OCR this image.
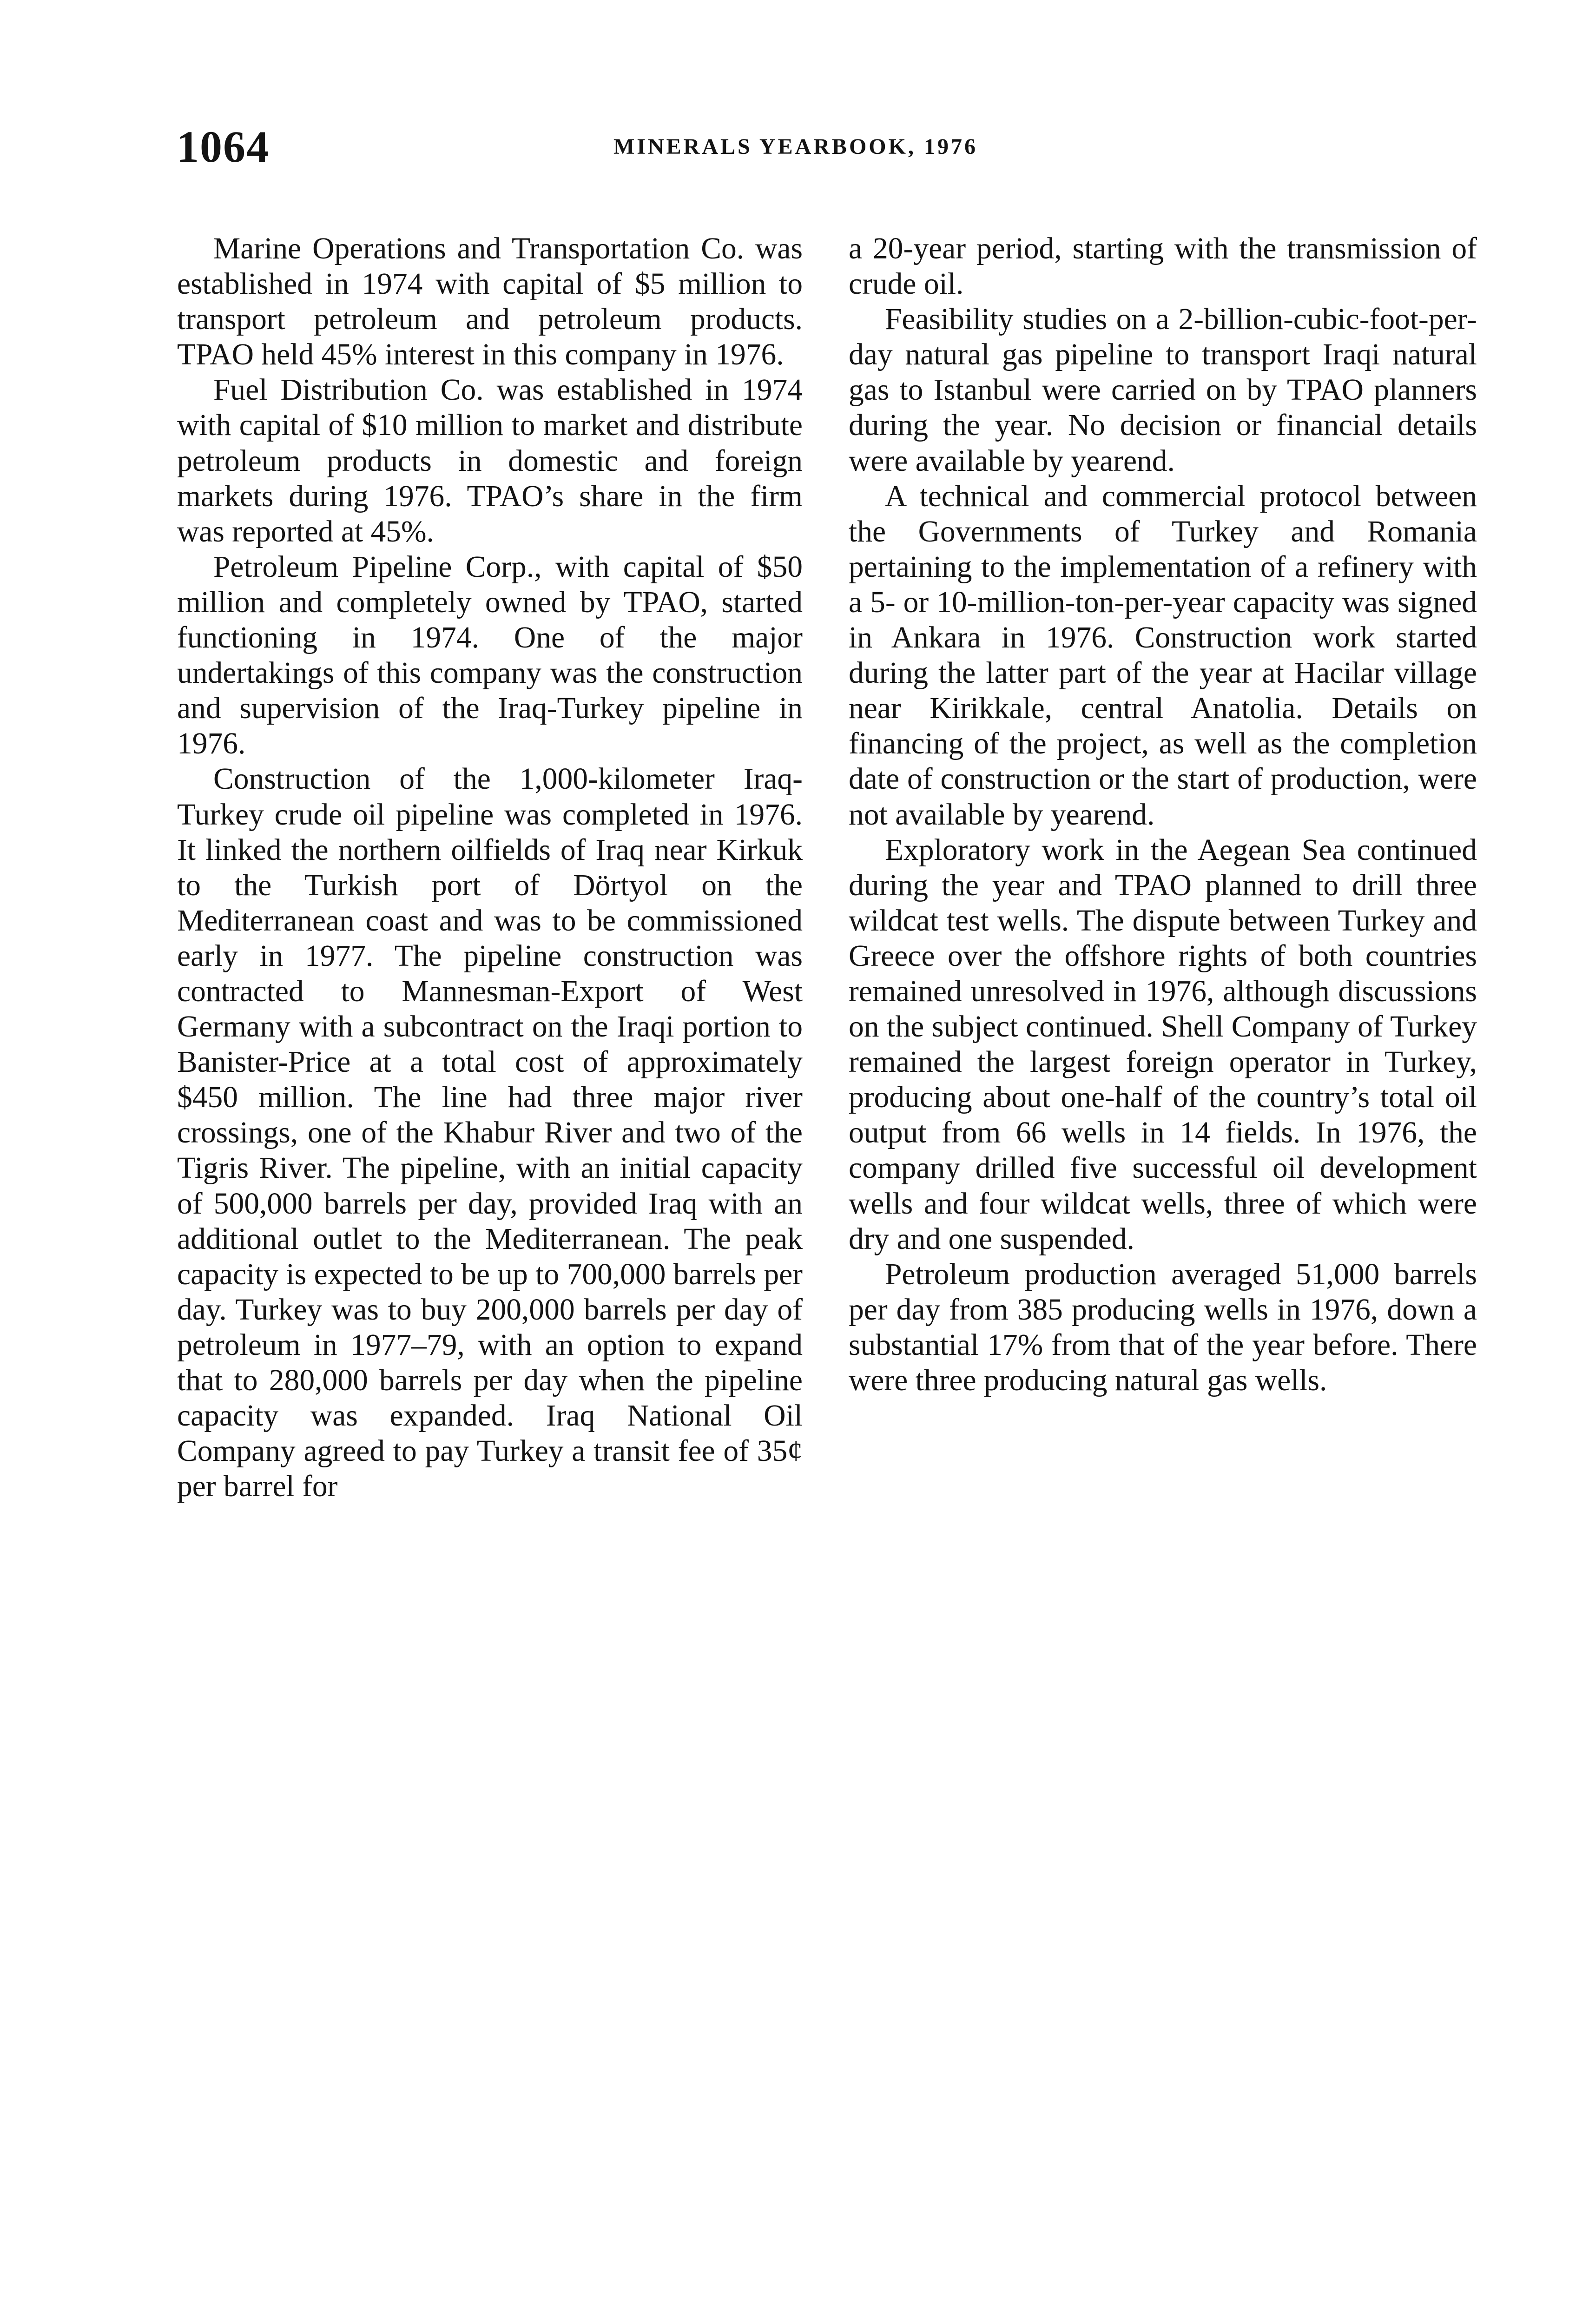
1064	MINERALS YEARBOOK, 1976

Marine Operations and Transportation Co. was established in 1974 with capital of $5 million to transport petroleum and petroleum products. TPAO held 45% interest in this company in 1976.

Fuel Distribution Co. was established in 1974 with capital of $10 million to market and distribute petroleum products in domestic and foreign markets during 1976. TPAO’s share in the firm was reported at 45%.

Petroleum Pipeline Corp., with capital of $50 million and completely owned by TPAO, started functioning in 1974. One of the major undertakings of this company was the construction and supervision of the Iraq-Turkey pipeline in 1976.

Construction of the 1,000-kilometer Iraq-Turkey crude oil pipeline was completed in 1976. It linked the northern oilfields of Iraq near Kirkuk to the Turkish port of Dörtyol on the Mediterranean coast and was to be commissioned early in 1977. The pipeline construction was contracted to Mannesman-Export of West Germany with a subcontract on the Iraqi portion to Banister-Price at a total cost of approximately $450 million. The line had three major river crossings, one of the Khabur River and two of the Tigris River. The pipeline, with an initial capacity of 500,000 barrels per day, provided Iraq with an additional outlet to the Mediterranean. The peak capacity is expected to be up to 700,000 barrels per day. Turkey was to buy 200,000 barrels per day of petroleum in 1977–79, with an option to expand that to 280,000 barrels per day when the pipeline capacity was expanded. Iraq National Oil Company agreed to pay Turkey a transit fee of 35¢ per barrel for

a 20-year period, starting with the transmission of crude oil.

Feasibility studies on a 2-billion-cubic-foot-per-day natural gas pipeline to transport Iraqi natural gas to Istanbul were carried on by TPAO planners during the year. No decision or financial details were available by yearend.

A technical and commercial protocol between the Governments of Turkey and Romania pertaining to the implementation of a refinery with a 5- or 10-million-ton-per-year capacity was signed in Ankara in 1976. Construction work started during the latter part of the year at Hacilar village near Kirikkale, central Anatolia. Details on financing of the project, as well as the completion date of construction or the start of production, were not available by yearend.

Exploratory work in the Aegean Sea continued during the year and TPAO planned to drill three wildcat test wells. The dispute between Turkey and Greece over the offshore rights of both countries remained unresolved in 1976, although discussions on the subject continued. Shell Company of Turkey remained the largest foreign operator in Turkey, producing about one-half of the country’s total oil output from 66 wells in 14 fields. In 1976, the company drilled five successful oil development wells and four wildcat wells, three of which were dry and one suspended.

Petroleum production averaged 51,000 barrels per day from 385 producing wells in 1976, down a substantial 17% from that of the year before. There were three producing natural gas wells.
